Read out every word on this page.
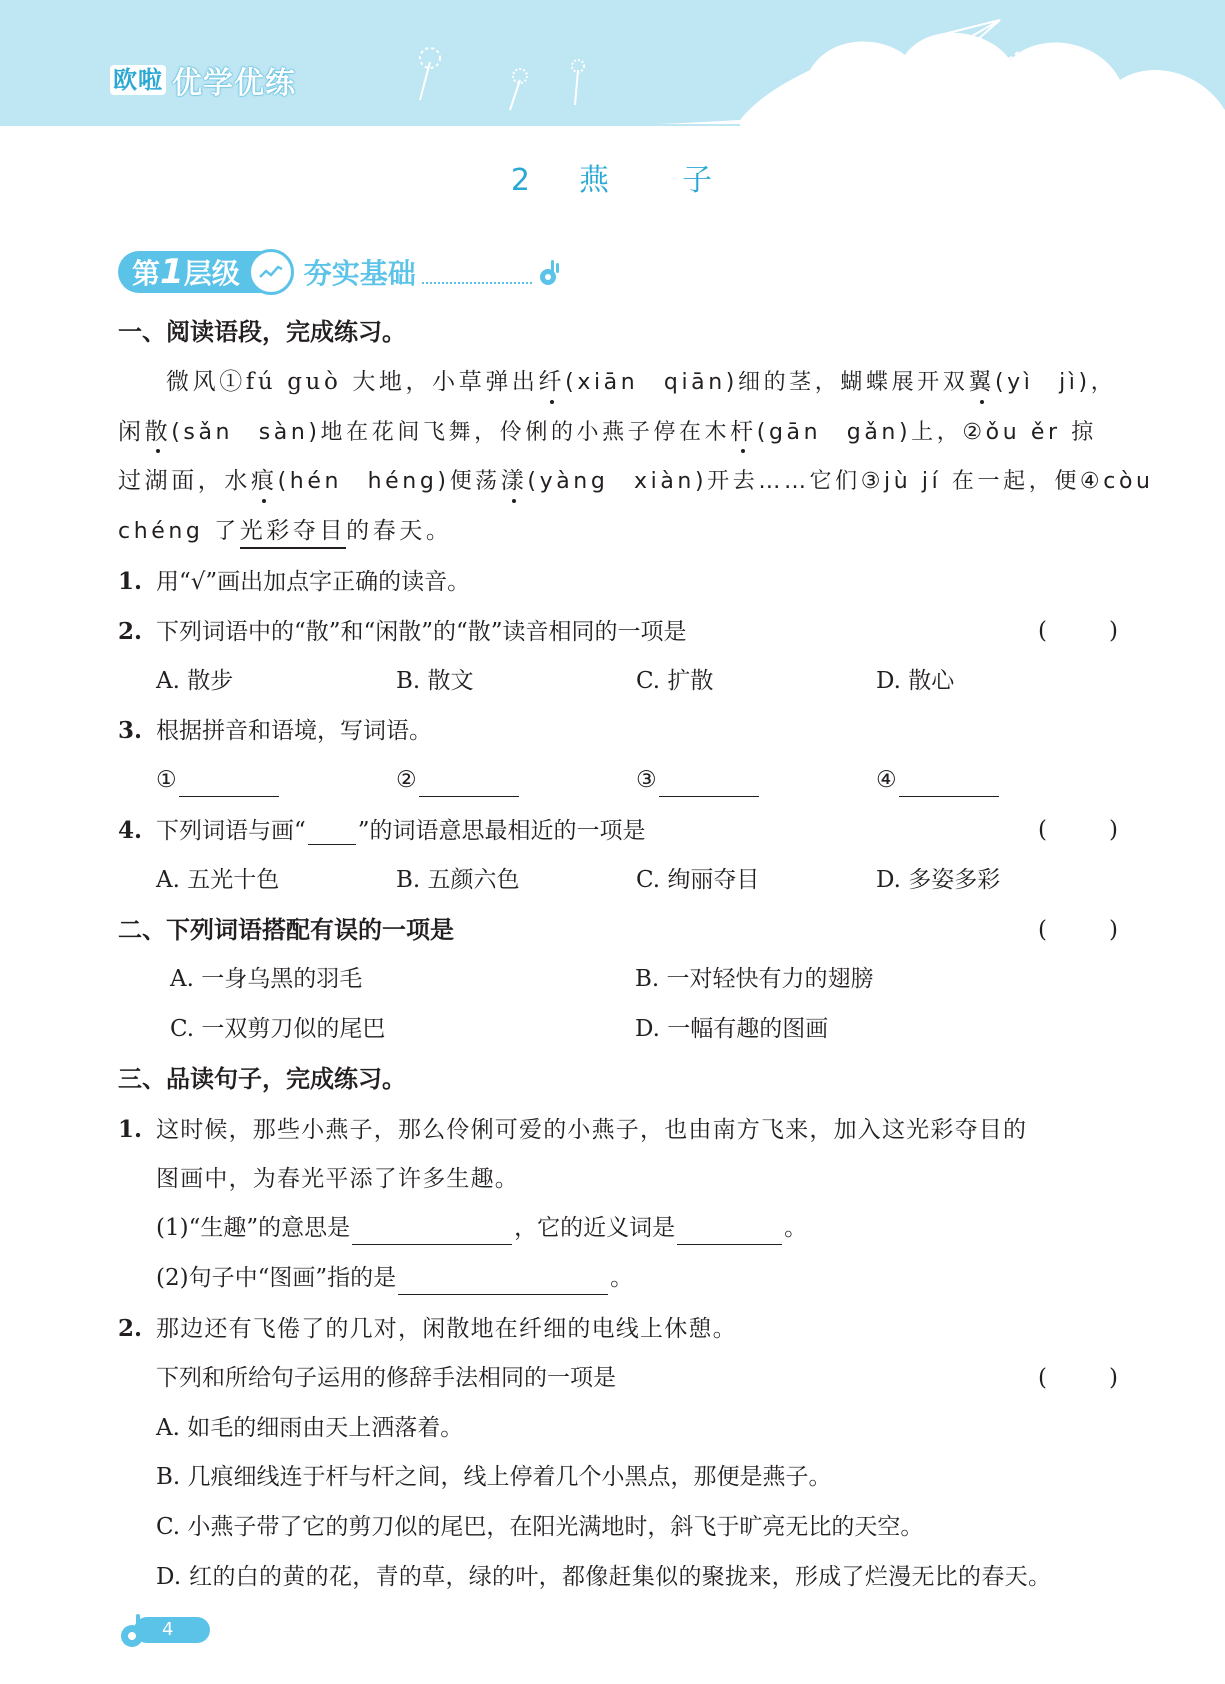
欧啦 优学优练
2 燕 子
第1层级	夯实基础
一、阅读语段，完成练习。
微风①fú guò 大地，小草弹出纤(xiān　qiān)细的茎，蝴蝶展开双翼(yì　jì)，
闲散(sǎn　sàn)地在花间飞舞，伶俐的小燕子停在木杆(gān　gǎn)上，②ǒu ěr 掠
过湖面，水痕(hén　héng)便荡漾(yàng　xiàn)开去……它们③jù jí 在一起，便④còu
chéng 了光彩夺目的春天。
1. 用“√”画出加点字正确的读音。
2. 下列词语中的“散”和“闲散”的“散”读音相同的一项是	(	)
A. 散步	B. 散文	C. 扩散	D. 散心
3. 根据拼音和语境，写词语。
①	②	③	④
4. 下列词语与画“ ”的词语意思最相近的一项是	(	)
A. 五光十色	B. 五颜六色	C. 绚丽夺目	D. 多姿多彩
二、下列词语搭配有误的一项是	(	)
A. 一身乌黑的羽毛	B. 一对轻快有力的翅膀
C. 一双剪刀似的尾巴	D. 一幅有趣的图画
三、品读句子，完成练习。
1. 这时候，那些小燕子，那么伶俐可爱的小燕子，也由南方飞来，加入这光彩夺目的
图画中，为春光平添了许多生趣。
(1)“生趣”的意思是	，它的近义词是	。
(2)句子中“图画”指的是	。
2. 那边还有飞倦了的几对，闲散地在纤细的电线上休憩。
下列和所给句子运用的修辞手法相同的一项是	(	)
A. 如毛的细雨由天上洒落着。
B. 几痕细线连于杆与杆之间，线上停着几个小黑点，那便是燕子。
C. 小燕子带了它的剪刀似的尾巴，在阳光满地时，斜飞于旷亮无比的天空。
D. 红的白的黄的花，青的草，绿的叶，都像赶集似的聚拢来，形成了烂漫无比的春天。
4
